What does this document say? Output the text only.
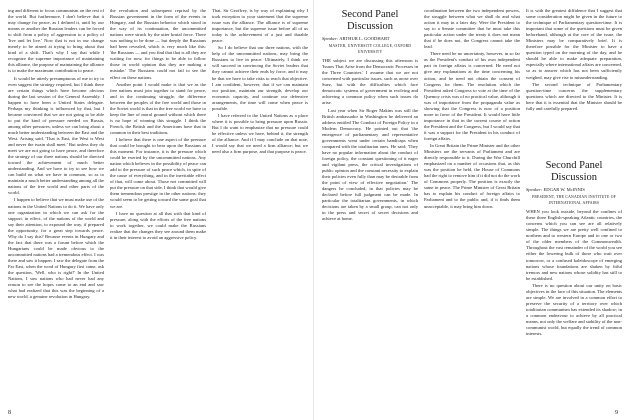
ing and different to focus communism on the rest of the world. But furthermore, I don't believe that it may change for peace, as I defined it, until by our means or another the Russian leaders can be forced to shift from a policy of aggression to a policy of 'live and let live.' Now that is not in our change merely to be aimed at trying to bring about that kind of a shift. That's why I say that while I recognize the supreme importance of maintaining this alliance, the purpose of maintaining the alliance is to make the maximum contribution to peace.

It would be utterly presumptuous of me to try to even suggest the strategy required, but I think there are certain things which have become obvious during the last session of the General Assembly. I happen to have been a United States delegate. Perhaps my thinking is influenced by that, but I became convinced that we are not going to be able to put the kind of pressure needed on Russia, among other pressures, unless we can bring about a much better understanding between the East and the West. Arising said, 'That is East, the West is West and never the twain shall meet.' But unless they do meet we are not going to have peace, and therefore the strategy of our three nations should be directed toward the achievement of much better understanding. And we have to try to see how we can build on what we have in common, so as to maintain a much better understanding among all the nations of the free world and other parts of the world.

I happen to believe that we must make use of the nations in the United Nations to do it. We have only one organization in which we can ask for the support, in effect, of the nations of the world and say their attention, to expound the way, if prepared the opportunity, for a great step towards peace. Why do I say this? Because events in Hungary and the fact that there was a forum before which the Hungarians could be made obvious to the uncommitted nations had a tremendous effect. I was there and saw it happen. I saw the delegate from the Far East, when the word of Hungary first came, ask the question, 'Well, who is right?' In the United Nations, I saw nations who had never had any reason to see the hopes come to an end and saw what had realized that this was the beginning of a new world, a genuine revolution in Hungary.

the revolution and subsequent reprisal by the Russian government in the form of the events in Hungary, and the Russian behavior which stood in the way of its continuation, the uncommitted nations were struck by the utter brutal force. There was nothing to be done — but deeply the Russians had been revealed, which is very much like this: 'the Russians — and you find that that is all they are waiting for now, for things to be able to follow those in world opinion that they are making a mistake.' The Russians could not fail to see the effect on these nations.

Another point I would make is that we as the free nations must join together to stand for peace, and in the continuing struggle, the difference between the peoples of the free world and those in the Soviet world is that in the free world we have to keep the line of moral ground without which there is no hope of winning this struggle. I think the French, the British and the Americans have that in common in their best traditions.

I believe that there is one aspect of the pressure that could be brought to bear upon the Russians at this moment. For instance, it is the pressure which could be exerted by the uncommitted nations. Any nation which believes in the possibility of peace can add to the pressure of such peace which, in spite of the cause of everything, and in the inevitable effect of that, will come about. Those not committed will put the pressure on that side, I think that would give them tremendous prestige in the other nations; they would seem to be getting toward the same goal that we are.

I have no question at all that with that kind of pressure, along with the efforts of the free nations to work together, we could make the Russians realize that the changes they see around them make it in their interest to avoid an aggressive policy.

That, Sir Geoffrey, is by way of explaining why I took exception to your statement that the supreme issue was the alliance. The alliance is of supreme importance, but the supreme issue before all of us today is the achievement of a just and durable peace.

So I do believe that our three nations, with the help of the uncommitted nations, may bring the Russians to live in peace. Ultimately, I think we will succeed in convincing the Soviet leaders that they cannot achieve their ends by force, and it may be that we have to take risks to reach that objective. I am confident, however, that if we can maintain our position, maintain our strength, develop our economic capacity, and continue our defensive arrangements, the time will come when peace is possible.

I have referred to the United Nations as a place where it is possible to bring pressure upon Russia. But I do want to emphasize that no pressure could be effective unless we have, behind it, the strength of the alliance. And if I may conclude on that note, I would say that we need a firm alliance; but we need also a firm purpose, and that purpose is peace.

Second Panel Discussion

Speaker: ARTHUR L. GOODHART

MASTER, UNIVERSITY COLLEGE, OXFORD UNIVERSITY

THE subject we are discussing this afternoon is 'Issues That Arise from the Democratic Processes in the Three Countries.' I assume that we are not concerned with particular issues, such as arose over Suez, but with the difficulties which face democratic systems of government in evolving and achieving a common policy when such issues do arise.

Last year when Sir Roger Makins was still the British ambassador in Washington he delivered an address entitled The Conduct of Foreign Policy in a Modern Democracy. He pointed out that 'the emergence of parliamentary and representative governments went under certain handicaps when compared with the totalitarian ones. He said: 'They have no popular information about the conduct of foreign policy, the constant questioning of it eager and vigilant press, the critical investigations of public opinion and the constant necessity to explain their policies even fully than may be desirable from the point of view of effective negotiation.' The dangers he concluded, in that policies may be declared before full judgment can be made. In particular the totalitarian governments, in which decisions are taken by a small group, can not only in the press and secret of secret decisions and achieve at home.

coordination between the two independent powers, the struggle between what we shall do and what action it may in a later day. Were the President to say to a Senate committee that he must take this particular action under the treaty it does not mean that if he does not, the Congress cannot take the lead.

There need be no uncertainty, however, in so far as the President's conduct of his own independent part in foreign affairs is concerned. He need not give any explanations at the time concerning his action, and he need not obtain the consent of Congress for them. The resolution which the President asked Congress to vote at the time of the Quemoy crisis was of no practical value, although it was of importance from the propaganda value as showing that the Congress is now of a position more in favor of the President. It would have little importance in that in the current course of action the President and the Congress, but I would say that it was a support for the President in his conduct of foreign affairs.

In Great Britain the Prime Minister and the other Ministers are the servants of Parliament and are directly responsible to it. During the War Churchill emphasized on a number of occasions that, as this was the position he held, the House of Commons had the right to remove him if it did not do the work of Commons properly. The position is exactly the same in peace. The Prime Minister of Great Britain has to explain his conduct of foreign affairs to Parliament and to the public and, if it finds them unacceptable, it may bring him down.

It is with the greatest diffidence that I suggest that some consideration might be given in the future to the technique of Parliamentary question-time. It is important that some of the questions must be given beforehand, although at the core of the issue, the Ministers may be comparatively brief. It is therefore possible for the Minister to have a question typed on the morning of the day, and he should be able to make adequate preparation, especially where international affairs are concerned, so as to answer which has not been sufficiently weighed, may give rise to misunderstanding.

The second technique of Parliamentary question-time concerns the supplementary questions which are directed to the Minister. It is here that it is essential that the Minister should be fully and carefully prepared.

Second Panel Discussion

Speaker: EDGAR W. McINNIS

PRESIDENT, THE CANADIAN INSTITUTE OF INTERNATIONAL AFFAIRS

WHEN you look outside, beyond the confines of these three English-speaking Atlantic countries, the concerns which you can see are all relatively simple. The things we are pretty well confined to northern and to western Europe and to one or two of the older members of the Commonwealth. Throughout the vast remainder of the world you see either the lowering bulk of those who wait over tomorrow, or a confused kaleidoscope of emerging nations whose foundations are shaken by fitful tremors and new nations whose solidity has still to be established.

There is no question about our unity on basic objectives in the face of this situation. The elements are simple. We are involved in a common effort to preserve the security of a territory over which totalitarian communism has extended its shadow; in a common endeavour to achieve by all practical means, not only the welfare and stability of the non-communist world, but equally the trend of common interests.

8	9
